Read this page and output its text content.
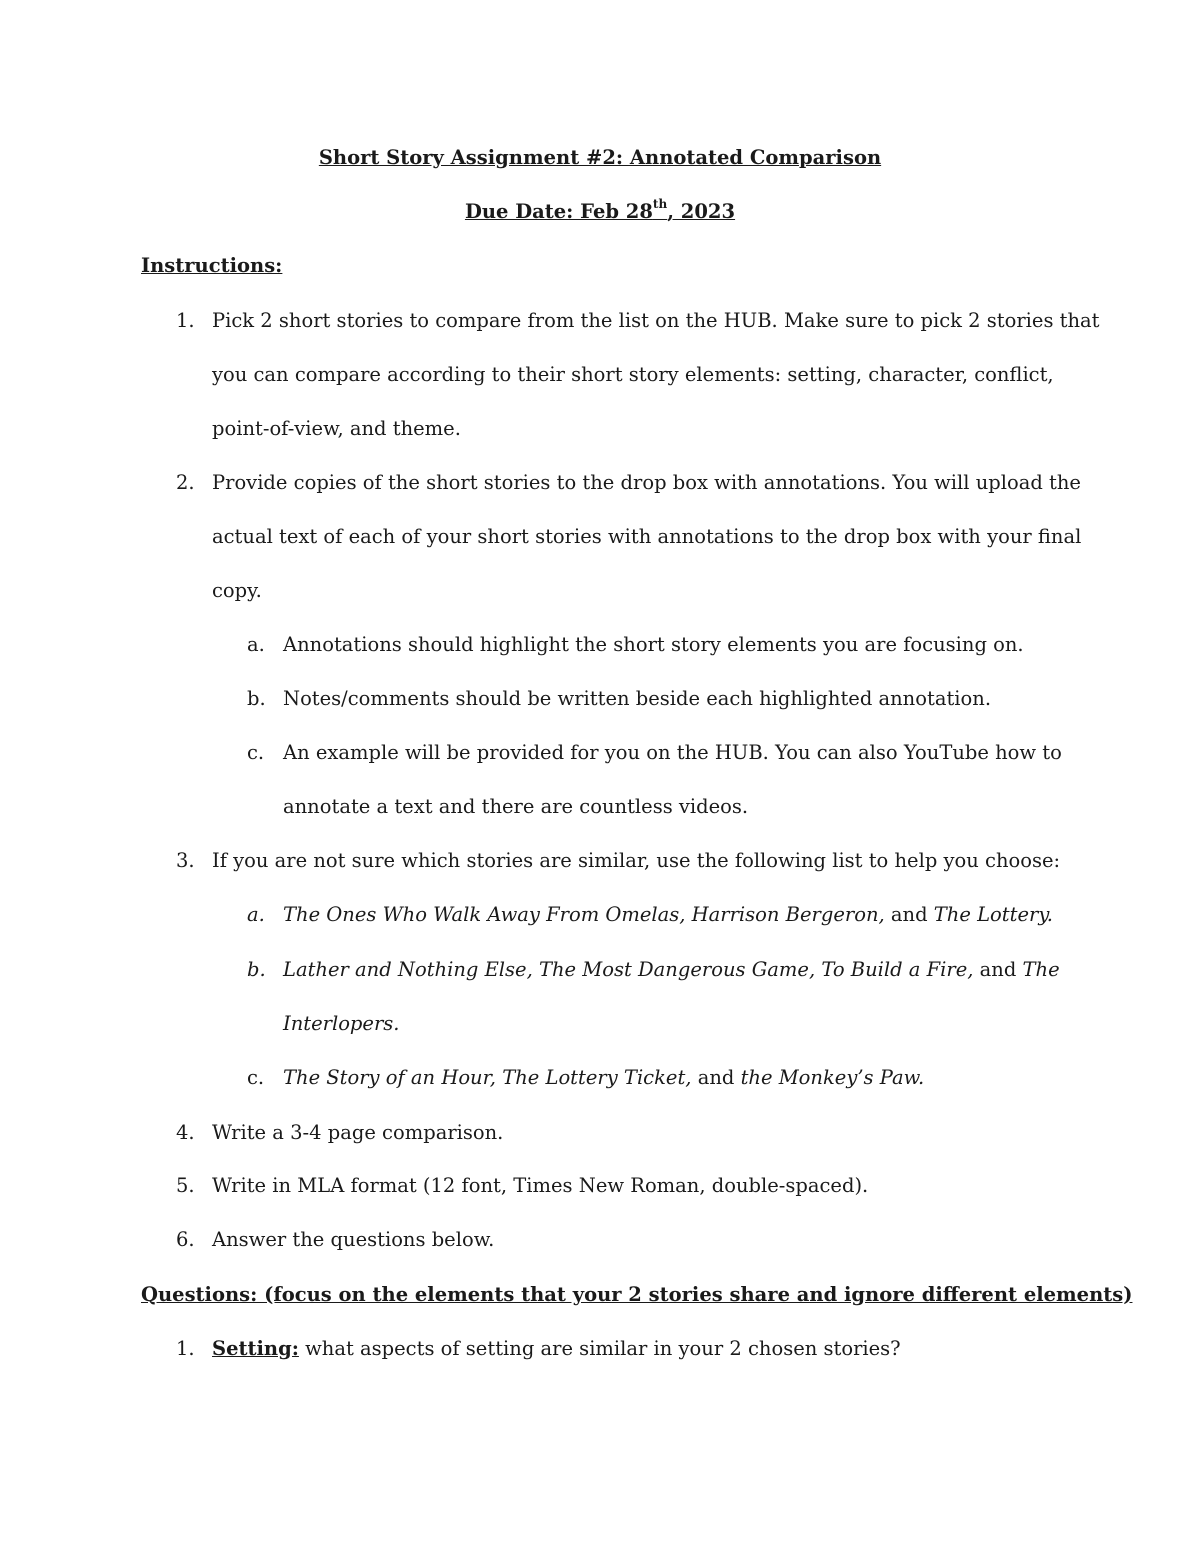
Short Story Assignment #2: Annotated Comparison
Due Date: Feb 28th, 2023
Instructions:
1. Pick 2 short stories to compare from the list on the HUB. Make sure to pick 2 stories that
you can compare according to their short story elements: setting, character, conflict,
point-of-view, and theme.
2. Provide copies of the short stories to the drop box with annotations. You will upload the
actual text of each of your short stories with annotations to the drop box with your final
copy.
a. Annotations should highlight the short story elements you are focusing on.
b. Notes/comments should be written beside each highlighted annotation.
c. An example will be provided for you on the HUB. You can also YouTube how to
annotate a text and there are countless videos.
3. If you are not sure which stories are similar, use the following list to help you choose:
a. The Ones Who Walk Away From Omelas, Harrison Bergeron, and The Lottery.
b. Lather and Nothing Else, The Most Dangerous Game, To Build a Fire, and The
Interlopers.
c. The Story of an Hour, The Lottery Ticket, and the Monkey’s Paw.
4. Write a 3-4 page comparison.
5. Write in MLA format (12 font, Times New Roman, double-spaced).
6. Answer the questions below.
Questions: (focus on the elements that your 2 stories share and ignore different elements)
1. Setting: what aspects of setting are similar in your 2 chosen stories?
